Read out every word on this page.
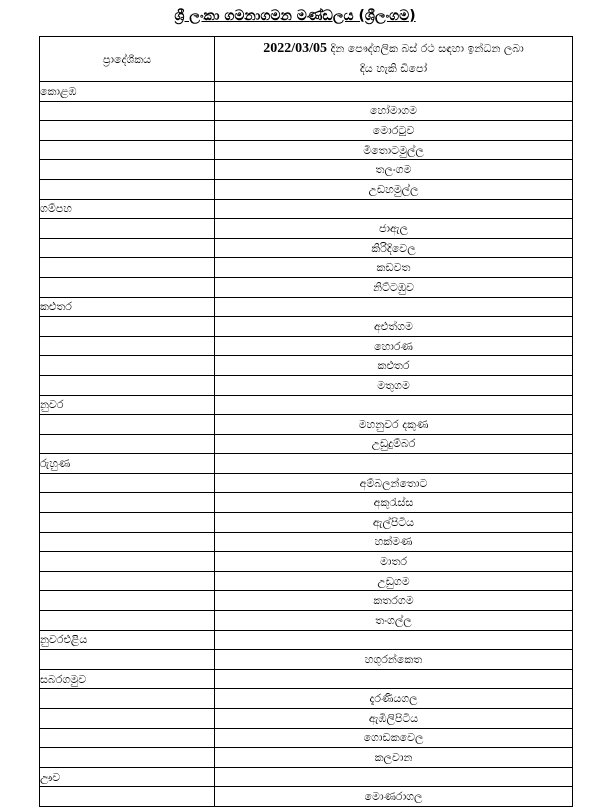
ශ්‍රී ලංකා ගමනාගමන මණ්ඩලය (ශ්‍රීලංගම)
ප්‍රාදේශීකය	2022/03/05 දින පෞද්ගලික බස් රථ සඳහා ඉන්ධන ලබා
දිය හැකි ඩිපෝ

කොළඹ	
	හෝමාගම
	මොරටුව
	මීතොටමුල්ල
	තලංගම
	උඩහමුල්ල
ගම්පහ	
	ජාඇල
	කිරිදිවෙල
	කඩවත
	නිට්ටඹුව
කළුතර	
	අළුත්ගම
	හොරණ
	කළුතර
	මතුගම
නුවර	
	මහනුවර දකුණ
	උඩුදුම්බර
රුහුණ	
	අම්බලන්තොට
	අකුරැස්ස
	ඇල්පිටිය
	හක්මණ
	මාතර
	උඩුගම
	කතරගම
	තංගල්ල
නුවරඑළිය	
	හගුරන්කෙත
සබරගමුව	
	දැරණියගල
	ඇඹිලිපිටිය
	ගොඩකවෙල
	කලවාන
ඌව	
	මොණරාගල
